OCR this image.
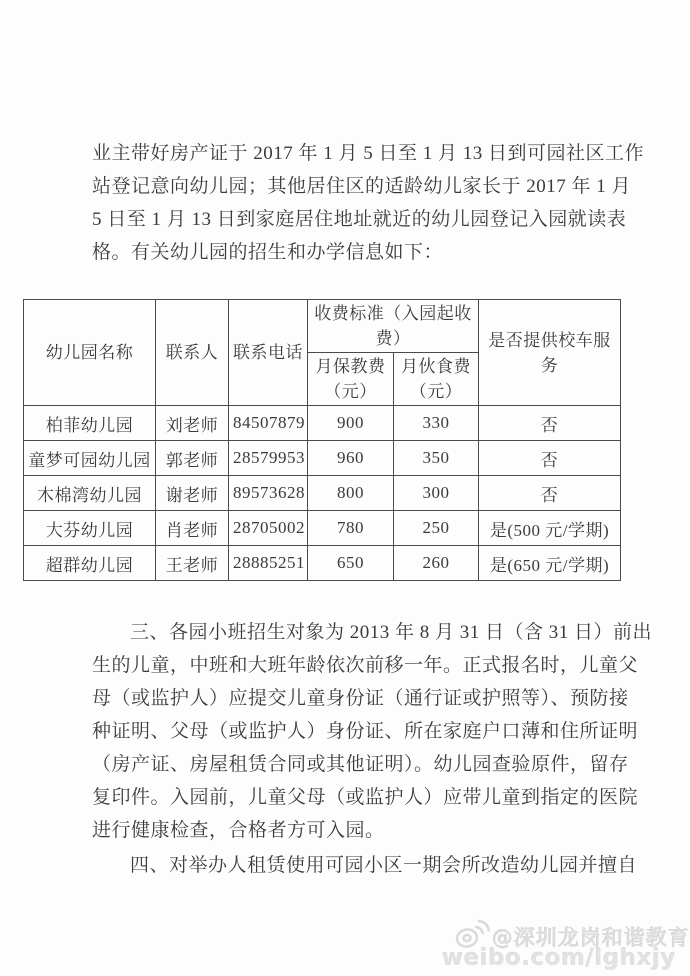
业主带好房产证于 2017 年 1 月 5 日至 1 月 13 日到可园社区工作
站登记意向幼儿园；其他居住区的适龄幼儿家长于 2017 年 1 月
5 日至 1 月 13 日到家庭居住地址就近的幼儿园登记入园就读表
格。有关幼儿园的招生和办学信息如下：
幼儿园名称	联系人	联系电话	收费标准（入园起收费）		是否提供校车服务
			月保教费（元）	月伙食费（元）	
柏菲幼儿园	刘老师	84507879	900	330	否
童梦可园幼儿园	郭老师	28579953	960	350	否
木棉湾幼儿园	谢老师	89573628	800	300	否
大芬幼儿园	肖老师	28705002	780	250	是(500 元/学期)
超群幼儿园	王老师	28885251	650	260	是(650 元/学期)
三、各园小班招生对象为 2013 年 8 月 31 日（含 31 日）前出
生的儿童，中班和大班年龄依次前移一年。正式报名时，儿童父
母（或监护人）应提交儿童身份证（通行证或护照等）、预防接
种证明、父母（或监护人）身份证、所在家庭户口薄和住所证明
（房产证、房屋租赁合同或其他证明）。幼儿园查验原件，留存
复印件。入园前，儿童父母（或监护人）应带儿童到指定的医院
进行健康检查，合格者方可入园。
四、对举办人租赁使用可园小区一期会所改造幼儿园并擅自
@深圳龙岗和谐教育
weibo.com/lghxjy
